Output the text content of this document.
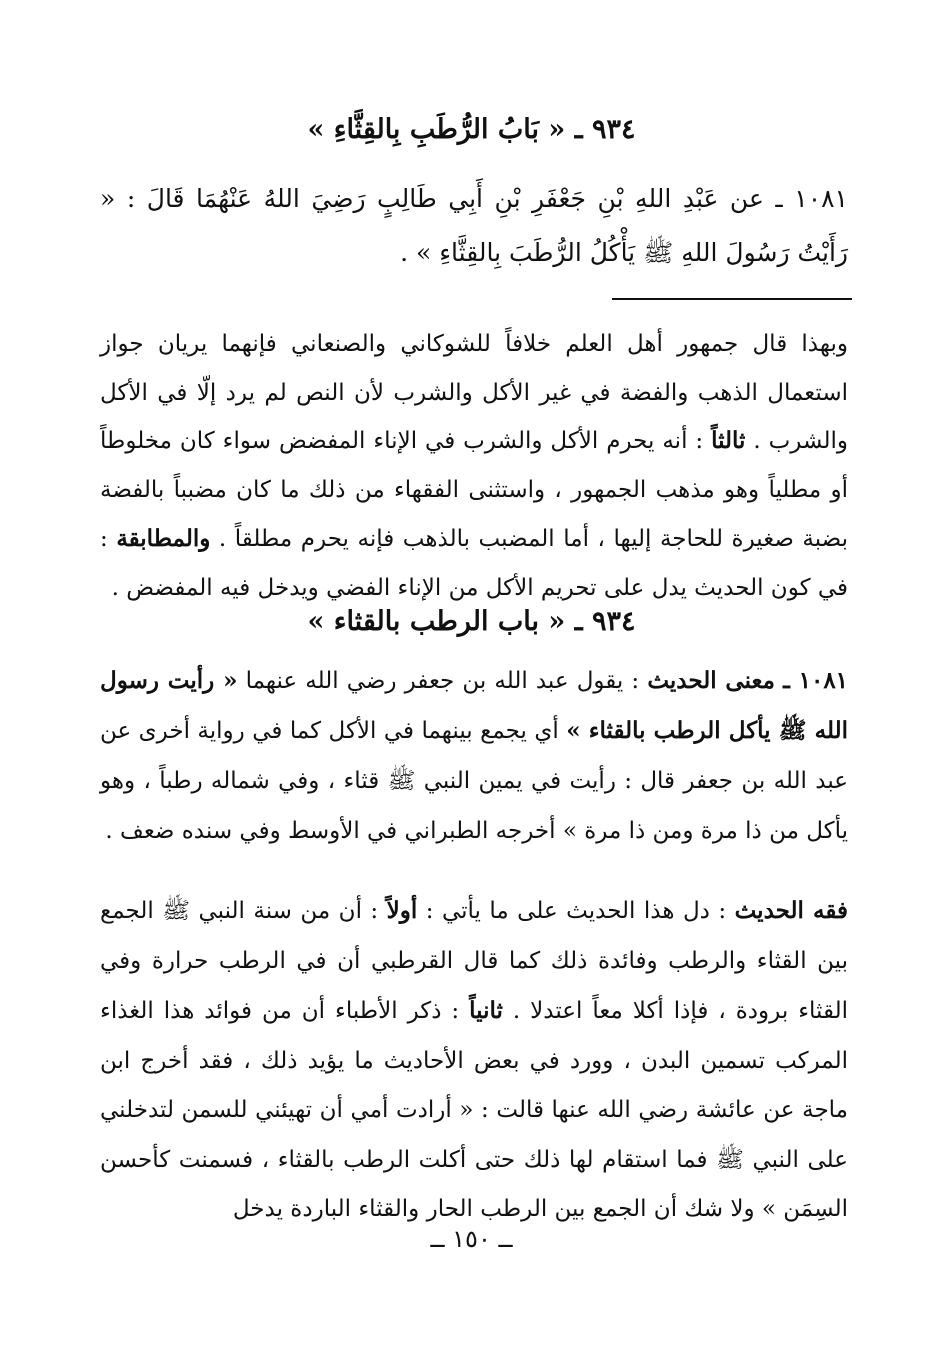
٩٣٤ ـ « بَابُ الرُّطَبِ بِالقِثَّاءِ »
١٠٨١ ـ عن عَبْدِ اللهِ بْنِ جَعْفَرِ بْنِ أَبِي طَالِبٍ رَضِيَ اللهُ عَنْهُمَا قَالَ : « رَأَيْتُ رَسُولَ اللهِ ﷺ يَأْكُلُ الرُّطَبَ بِالقِثَّاءِ » .
وبهذا قال جمهور أهل العلم خلافاً للشوكاني والصنعاني فإنهما يريان جواز استعمال الذهب والفضة في غير الأكل والشرب لأن النص لم يرد إلّا في الأكل والشرب . ثالثاً : أنه يحرم الأكل والشرب في الإناء المفضض سواء كان مخلوطاً أو مطلياً وهو مذهب الجمهور ، واستثنى الفقهاء من ذلك ما كان مضبباً بالفضة بضبة صغيرة للحاجة إليها ، أما المضبب بالذهب فإنه يحرم مطلقاً . والمطابقة : في كون الحديث يدل على تحريم الأكل من الإناء الفضي ويدخل فيه المفضض .
٩٣٤ ـ « باب الرطب بالقثاء »
١٠٨١ ـ معنى الحديث : يقول عبد الله بن جعفر رضي الله عنهما « رأيت رسول الله ﷺ يأكل الرطب بالقثاء » أي يجمع بينهما في الأكل كما في رواية أخرى عن عبد الله بن جعفر قال : رأيت في يمين النبي ﷺ قثاء ، وفي شماله رطباً ، وهو يأكل من ذا مرة ومن ذا مرة » أخرجه الطبراني في الأوسط وفي سنده ضعف .
فقه الحديث : دل هذا الحديث على ما يأتي : أولاً : أن من سنة النبي ﷺ الجمع بين القثاء والرطب وفائدة ذلك كما قال القرطبي أن في الرطب حرارة وفي القثاء برودة ، فإذا أكلا معاً اعتدلا . ثانياً : ذكر الأطباء أن من فوائد هذا الغذاء المركب تسمين البدن ، وورد في بعض الأحاديث ما يؤيد ذلك ، فقد أخرج ابن ماجة عن عائشة رضي الله عنها قالت : « أرادت أمي أن تهيئني للسمن لتدخلني على النبي ﷺ فما استقام لها ذلك حتى أكلت الرطب بالقثاء ، فسمنت كأحسن السِمَن » ولا شك أن الجمع بين الرطب الحار والقثاء الباردة يدخل
ــ ١٥٠ ــ
